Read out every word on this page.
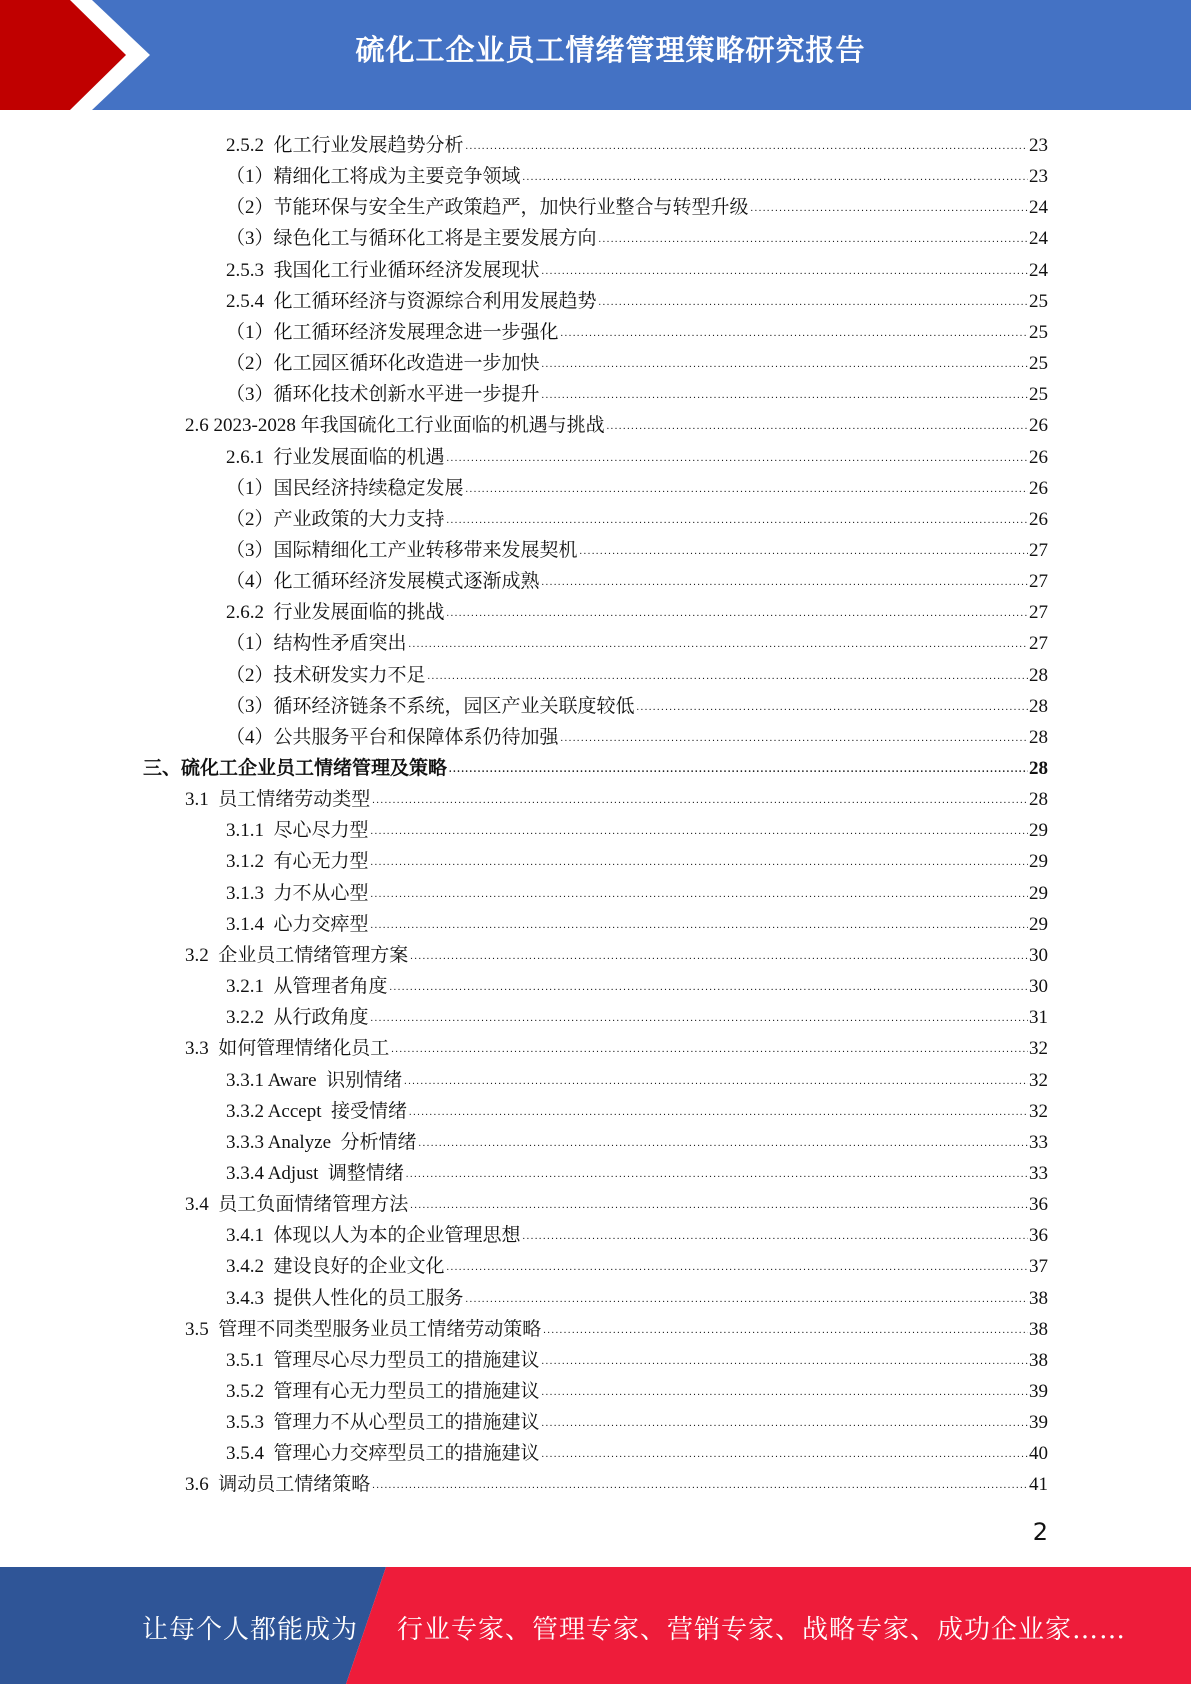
硫化工企业员工情绪管理策略研究报告
2.5.2  化工行业发展趋势分析 .....	23
（1）精细化工将成为主要竞争领域 .....	23
（2）节能环保与安全生产政策趋严，加快行业整合与转型升级 .....	24
（3）绿色化工与循环化工将是主要发展方向 .....	24
2.5.3  我国化工行业循环经济发展现状 .....	24
2.5.4  化工循环经济与资源综合利用发展趋势 .....	25
（1）化工循环经济发展理念进一步强化 .....	25
（2）化工园区循环化改造进一步加快 .....	25
（3）循环化技术创新水平进一步提升 .....	25
2.6 2023-2028 年我国硫化工行业面临的机遇与挑战 .....	26
2.6.1  行业发展面临的机遇 .....	26
（1）国民经济持续稳定发展 .....	26
（2）产业政策的大力支持 .....	26
（3）国际精细化工产业转移带来发展契机 .....	27
（4）化工循环经济发展模式逐渐成熟 .....	27
2.6.2  行业发展面临的挑战 .....	27
（1）结构性矛盾突出 .....	27
（2）技术研发实力不足 .....	28
（3）循环经济链条不系统，园区产业关联度较低 .....	28
（4）公共服务平台和保障体系仍待加强 .....	28
三、硫化工企业员工情绪管理及策略 .....	28
3.1  员工情绪劳动类型 .....	28
3.1.1  尽心尽力型 .....	29
3.1.2  有心无力型 .....	29
3.1.3  力不从心型 .....	29
3.1.4  心力交瘁型 .....	29
3.2  企业员工情绪管理方案 .....	30
3.2.1  从管理者角度 .....	30
3.2.2  从行政角度 .....	31
3.3  如何管理情绪化员工 .....	32
3.3.1 Aware  识别情绪 .....	32
3.3.2 Accept  接受情绪 .....	32
3.3.3 Analyze  分析情绪 .....	33
3.3.4 Adjust  调整情绪 .....	33
3.4  员工负面情绪管理方法 .....	36
3.4.1  体现以人为本的企业管理思想 .....	36
3.4.2  建设良好的企业文化 .....	37
3.4.3  提供人性化的员工服务 .....	38
3.5  管理不同类型服务业员工情绪劳动策略 .....	38
3.5.1  管理尽心尽力型员工的措施建议 .....	38
3.5.2  管理有心无力型员工的措施建议 .....	39
3.5.3  管理力不从心型员工的措施建议 .....	39
3.5.4  管理心力交瘁型员工的措施建议 .....	40
3.6  调动员工情绪策略 .....	41
2
让每个人都能成为 行业专家、管理专家、营销专家、战略专家、成功企业家……
